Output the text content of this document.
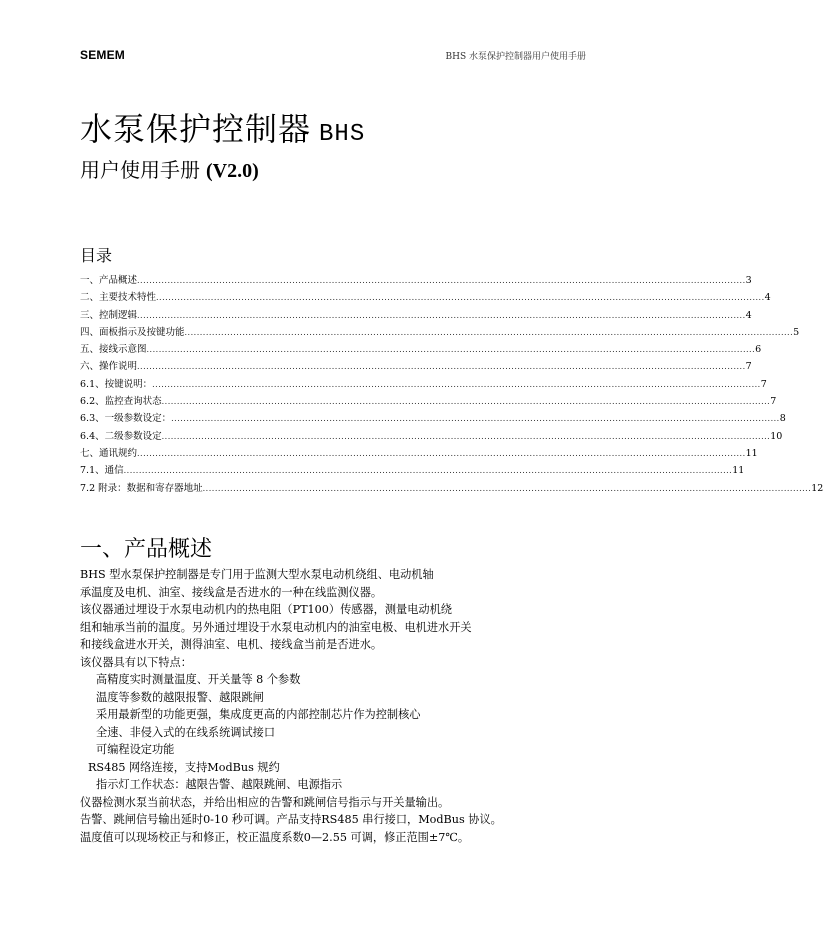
SEMEM	BHS 水泵保护控制器用户使用手册
水泵保护控制器 BHS
用户使用手册 (V2.0)
目录
一、产品概述 ........................................................................................................................................................................................................ 3
二、主要技术特性 ........................................................................................................................................................................................................ 4
三、控制逻辑 ........................................................................................................................................................................................................ 4
四、面板指示及按键功能 ........................................................................................................................................................................................................ 5
五、接线示意图 ........................................................................................................................................................................................................ 6
六、操作说明 ........................................................................................................................................................................................................ 7
6.1、按键说明： ........................................................................................................................................................................................................ 7
6.2、监控查询状态 ........................................................................................................................................................................................................ 7
6.3、一级参数设定： ........................................................................................................................................................................................................ 8
6.4、二级参数设定 ........................................................................................................................................................................................................ 10
七、通讯规约 ........................................................................................................................................................................................................ 11
7.1、通信 ........................................................................................................................................................................................................ 11
7.2 附录：数据和寄存器地址 ........................................................................................................................................................................................................ 12
一、产品概述

BHS 型水泵保护控制器是专门用于监测大型水泵电动机绕组、电动机轴

承温度及电机、油室、接线盒是否进水的一种在线监测仪器。

该仪器通过埋设于水泵电动机内的热电阻（PT100）传感器，测量电动机绕

组和轴承当前的温度。另外通过埋设于水泵电动机内的油室电极、电机进水开关

和接线盒进水开关，测得油室、电机、接线盒当前是否进水。

该仪器具有以下特点：

高精度实时测量温度、开关量等 8 个参数

温度等参数的越限报警、越限跳闸

采用最新型的功能更强，集成度更高的内部控制芯片作为控制核心

全速、非侵入式的在线系统调试接口

可编程设定功能

RS485 网络连接，支持ModBus 规约

指示灯工作状态：越限告警、越限跳闸、电源指示

仪器检测水泵当前状态，并给出相应的告警和跳闸信号指示与开关量输出。

告警、跳闸信号输出延时0-10 秒可调。产品支持RS485 串行接口，ModBus 协议。

温度值可以现场校正与和修正，校正温度系数0—2.55 可调，修正范围±7℃。
